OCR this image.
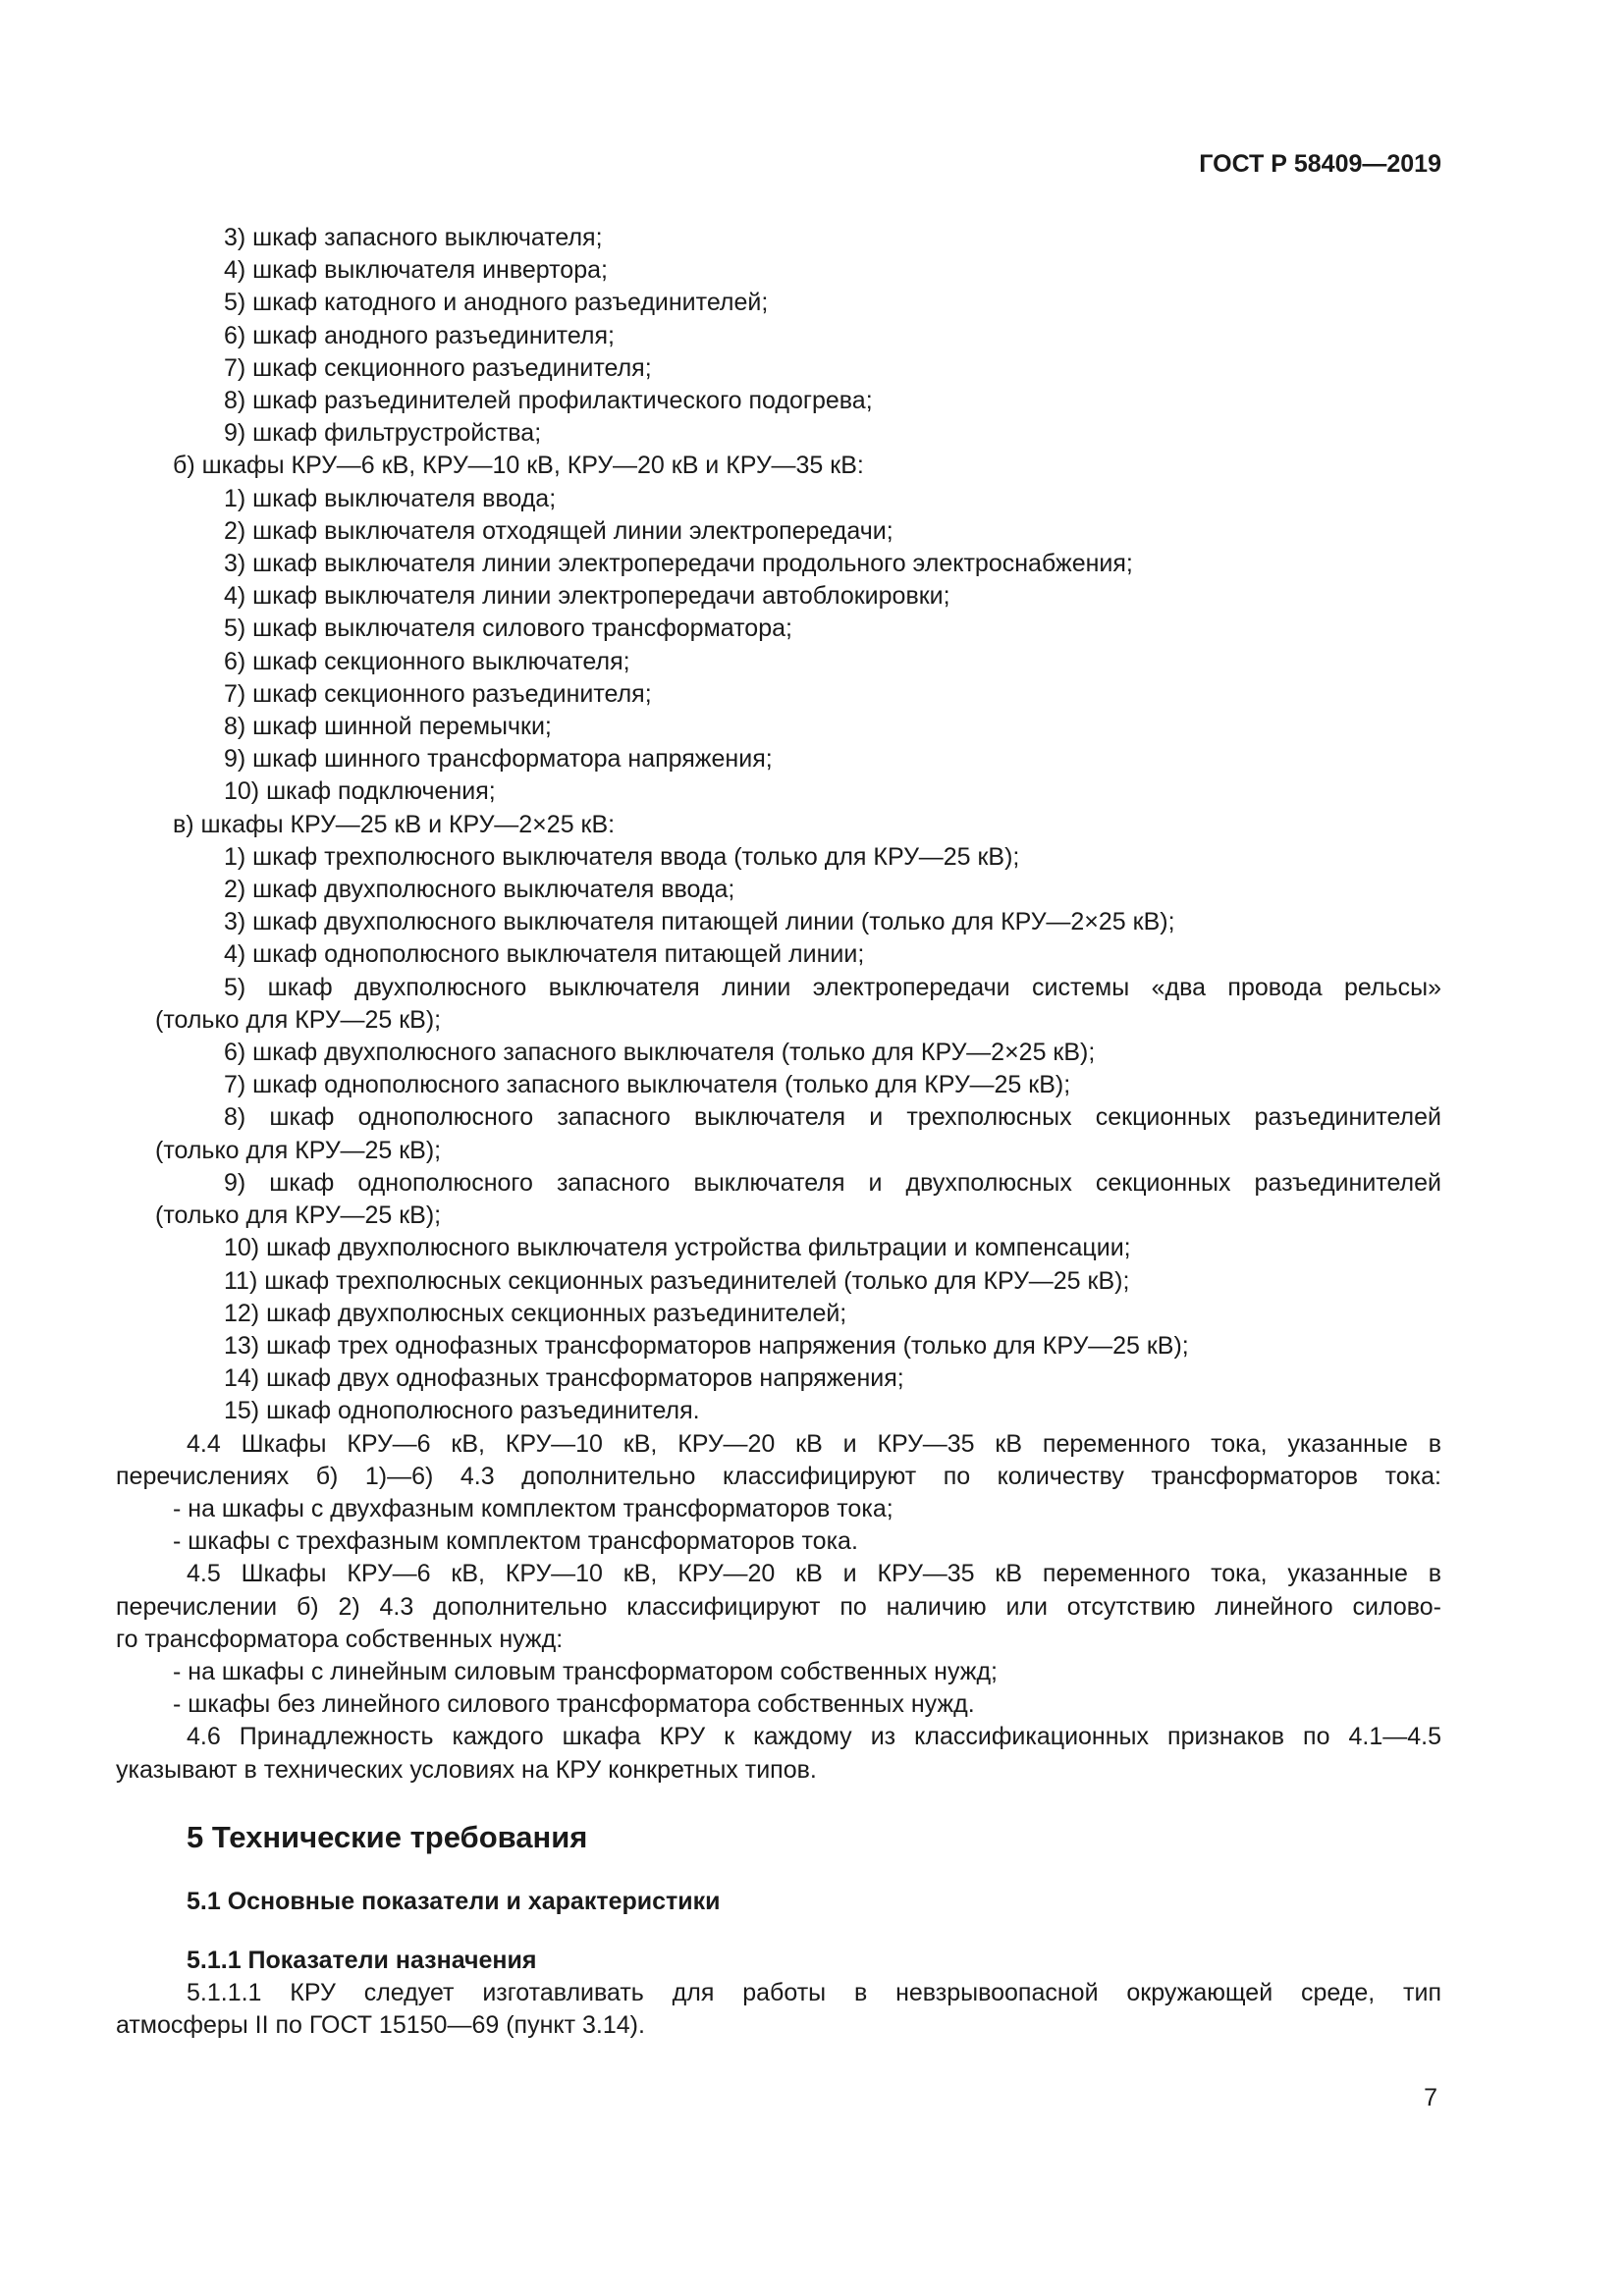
ГОСТ Р 58409—2019
3) шкаф запасного выключателя;
4) шкаф выключателя инвертора;
5) шкаф катодного и анодного разъединителей;
6) шкаф анодного разъединителя;
7) шкаф секционного разъединителя;
8) шкаф разъединителей профилактического подогрева;
9) шкаф фильтрустройства;
б) шкафы КРУ—6 кВ, КРУ—10 кВ, КРУ—20 кВ и КРУ—35 кВ:
1) шкаф выключателя ввода;
2) шкаф выключателя отходящей линии электропередачи;
3) шкаф выключателя линии электропередачи продольного электроснабжения;
4) шкаф выключателя линии электропередачи автоблокировки;
5) шкаф выключателя силового трансформатора;
6) шкаф секционного выключателя;
7) шкаф секционного разъединителя;
8) шкаф шинной перемычки;
9) шкаф шинного трансформатора напряжения;
10) шкаф подключения;
в) шкафы КРУ—25 кВ и КРУ—2×25 кВ:
1) шкаф трехполюсного выключателя ввода (только для КРУ—25 кВ);
2) шкаф двухполюсного выключателя ввода;
3) шкаф двухполюсного выключателя питающей линии (только для КРУ—2×25 кВ);
4) шкаф однополюсного выключателя питающей линии;
5) шкаф двухполюсного выключателя линии электропередачи системы «два провода рельсы»
(только для КРУ—25 кВ);
6) шкаф двухполюсного запасного выключателя (только для КРУ—2×25 кВ);
7) шкаф однополюсного запасного выключателя (только для КРУ—25 кВ);
8) шкаф однополюсного запасного выключателя и трехполюсных секционных разъединителей
(только для КРУ—25 кВ);
9) шкаф однополюсного запасного выключателя и двухполюсных секционных разъединителей
(только для КРУ—25 кВ);
10) шкаф двухполюсного выключателя устройства фильтрации и компенсации;
11) шкаф трехполюсных секционных разъединителей (только для КРУ—25 кВ);
12) шкаф двухполюсных секционных разъединителей;
13) шкаф трех однофазных трансформаторов напряжения (только для КРУ—25 кВ);
14) шкаф двух однофазных трансформаторов напряжения;
15) шкаф однополюсного разъединителя.
4.4 Шкафы КРУ—6 кВ, КРУ—10 кВ, КРУ—20 кВ и КРУ—35 кВ переменного тока, указанные в
перечислениях б) 1)—6) 4.3 дополнительно классифицируют по количеству трансформаторов тока:
- на шкафы с двухфазным комплектом трансформаторов тока;
- шкафы с трехфазным комплектом трансформаторов тока.
4.5 Шкафы КРУ—6 кВ, КРУ—10 кВ, КРУ—20 кВ и КРУ—35 кВ переменного тока, указанные в
перечислении б) 2) 4.3 дополнительно классифицируют по наличию или отсутствию линейного силово-
го трансформатора собственных нужд:
- на шкафы с линейным силовым трансформатором собственных нужд;
- шкафы без линейного силового трансформатора собственных нужд.
4.6 Принадлежность каждого шкафа КРУ к каждому из классификационных признаков по 4.1—4.5
указывают в технических условиях на КРУ конкретных типов.
5 Технические требования
5.1 Основные показатели и характеристики
5.1.1 Показатели назначения
5.1.1.1 КРУ следует изготавливать для работы в невзрывоопасной окружающей среде, тип
атмосферы II по ГОСТ 15150—69 (пункт 3.14).
7
